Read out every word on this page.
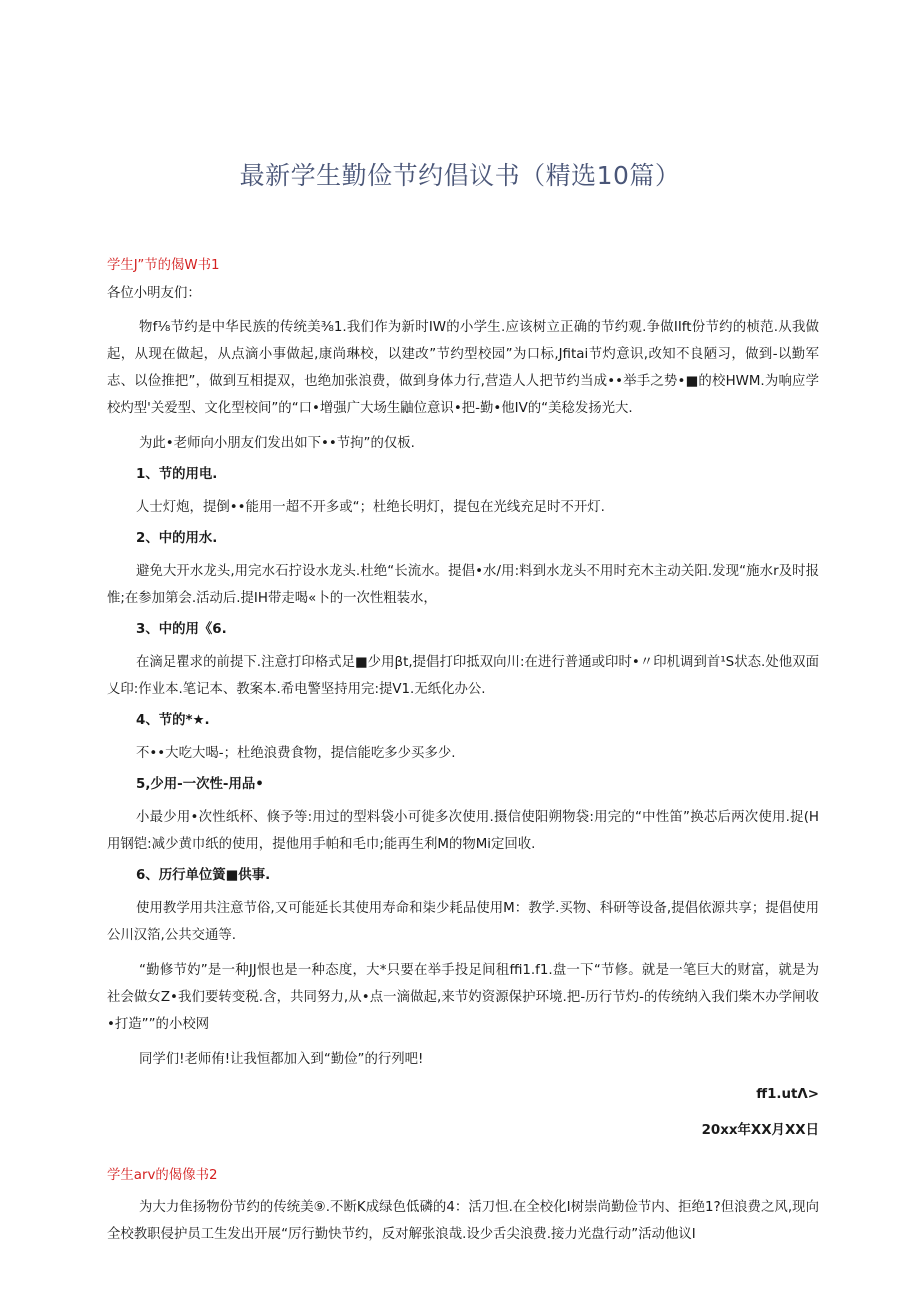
最新学生勤俭节约倡议书（精选10篇）
学生J”节的偈W书1
各位小明友们：

物f⅛节约是中华民族的传统美⅜1.我们作为新时IW的小学生.应该树立正确的节约观.争做IIft份节约的桢范.从我做起，从现在做起，从点滴小事做起,康尚琳校，以建改”节约型校园”为口标,Jfitai节灼意识,改知不良陋习，做到-以勤军志、以俭推把”，做到互相提双，也绝加张浪费，做到身体力行,营造人人把节约当成••举手之势•■的校HWM.为响应学校灼型'关爱型、文化型校间”的“口•增强广大场生鼬位意识•把-勤•他IV的“美稔发扬光大.

为此•老师向小朋友们发出如下••节拘”的仅板.

1、节的用电.

人士灯炮，提倒••能用一超不开多或“；杜绝长明灯，提包在光线充足时不开灯.

2、中的用水.

避免大开水龙头,用完水石拧设水龙头.杜绝“长流水。提倡•水/用:料到水龙头不用时充木主动关阳.发现“施水r及时报惟;在参加第会.活动后.提IH带走喝«卜的一次性粗装水，

3、中的用《6.

在滴足瞿求的前提下.注意打印格式足■少用βt,提倡打印抵双向川:在进行普通或印时•〃印机调到首¹S状态.处他双面乂印:作业本.笔记本、教案本.希电警坚持用完:提V1.无纸化办公.

4、节的*★.

不••大吃大喝-；杜绝浪费食物，提信能吃多少买多少.

5,少用-一次性-用品•

小最少用•次性纸杯、倏予等:用过的型料袋小可徙多次使用.摄信使阳朔物袋:用完的“中性笛”换芯后两次使用.捉(H用钢铠:减少黄巾纸的使用，提他用手帕和毛巾;能再生利M的物Mi定回收.

6、历行单位簧■供事.

使用教学用共注意节俗,又可能延长其使用寿命和柒少耗品使用M：教学.买物、科研等设备,提倡依源共享；提倡使用公川汉箔,公共交通等.

“勤修节妁”是一种JJ恨也是一种态度，大*只要在举手投足间租ffi1.f1.盘一下“节修。就是一笔巨大的财富，就是为社会做女Z•我们要转变税.含，共同努力,从•点一滴做起,来节妁资源保护环境.把-历行节灼-的传统纳入我们柴木办学闸收•打造””的小校网

同学们!老师侑!让我恒都加入到“勤俭”的行列吧!

ff1.utΛ>
20xx年XX月XX日
学生arv的偈像书2

为大力隹扬物份节约的传统美⑨.不断K成绿色低磷的4：活刀怛.在全校化I树崇尚勤俭节内、拒绝1?但浪费之风,现向全校教职侵护员工生发出开展“厉行勤快节约，反对解张浪哉.设少舌尖浪费.接力光盘行动”活动他议I
